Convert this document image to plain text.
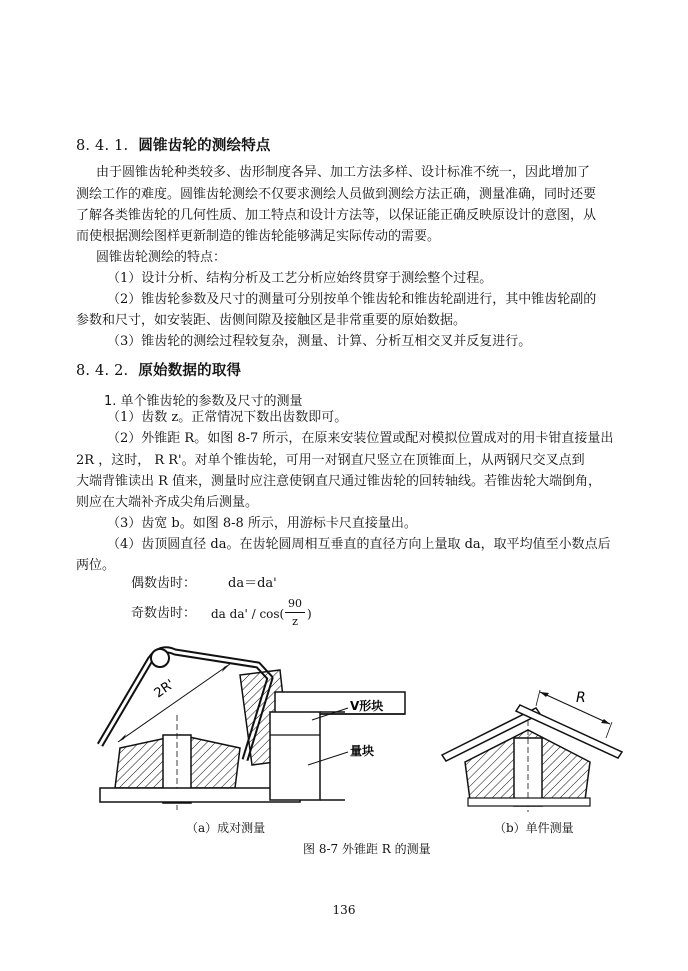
8. 4. 1. 圆锥齿轮的测绘特点
由于圆锥齿轮种类较多、齿形制度各异、加工方法多样、设计标准不统一，因此增加了
测绘工作的难度。圆锥齿轮测绘不仅要求测绘人员做到测绘方法正确，测量准确，同时还要
了解各类锥齿轮的几何性质、加工特点和设计方法等，以保证能正确反映原设计的意图，从
而使根据测绘图样更新制造的锥齿轮能够满足实际传动的需要。
圆锥齿轮测绘的特点：
（1）设计分析、结构分析及工艺分析应始终贯穿于测绘整个过程。
（2）锥齿轮参数及尺寸的测量可分别按单个锥齿轮和锥齿轮副进行，其中锥齿轮副的
参数和尺寸，如安装距、齿侧间隙及接触区是非常重要的原始数据。
（3）锥齿轮的测绘过程较复杂，测量、计算、分析互相交叉并反复进行。
8. 4. 2. 原始数据的取得
1. 单个锥齿轮的参数及尺寸的测量
（1）齿数 z。正常情况下数出齿数即可。
（2）外锥距 R。如图 8-7 所示，在原来安装位置或配对模拟位置成对的用卡钳直接量出
2R ，这时， R R'。对单个锥齿轮，可用一对钢直尺竖立在顶锥面上，从两钢尺交叉点到
大端背锥读出 R 值来，测量时应注意使钢直尺通过锥齿轮的回转轴线。若锥齿轮大端倒角，
则应在大端补齐成尖角后测量。
（3）齿宽 b。如图 8-8 所示，用游标卡尺直接量出。
（4）齿顶圆直径 da。在齿轮圆周相互垂直的直径方向上量取 da，取平均值至小数点后
两位。
偶数齿时： da＝da'
奇数齿时： da da' / cos(
90
z
)
2R'
V形块
量块
R
（a）成对测量	（b）单件测量
图 8-7 外锥距 R 的测量
136
